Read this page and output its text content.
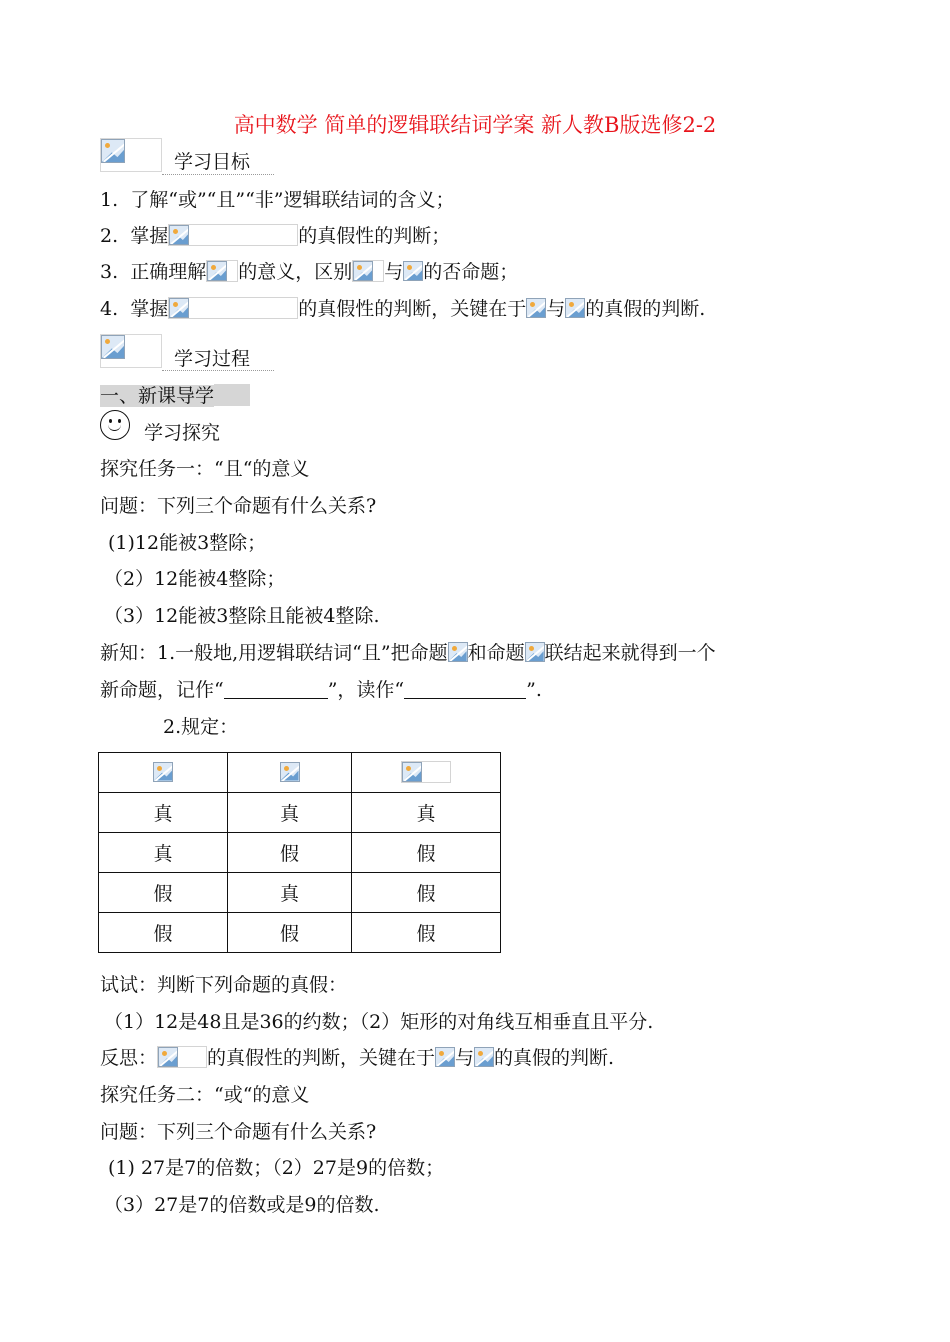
高中数学 简单的逻辑联结词学案 新人教B版选修2-2
学习目标
1. 了解“或”“且”“非”逻辑联结词的含义；
2. 掌握	的真假性的判断；
3. 正确理解 的意义，区别 与 的否命题；
4. 掌握	的真假性的判断，关键在于 与 的真假的判断.
学习过程
一、新课导学
学习探究
探究任务一：“且“的意义
问题：下列三个命题有什么关系?
(1)12能被3整除；
（2）12能被4整除；
（3）12能被3整除且能被4整除.
新知：1.一般地,用逻辑联结词“且”把命题 和命题 联结起来就得到一个
新命题，记作“	”，读作“	”.
2.规定：

真	真	真
真	假	假
假	真	假
假	假	假
试试：判断下列命题的真假：
（1）12是48且是36的约数；（2）矩形的对角线互相垂直且平分.
反思：	的真假性的判断，关键在于 与 的真假的判断.
探究任务二：“或“的意义
问题：下列三个命题有什么关系?
(1) 27是7的倍数；（2）27是9的倍数；
（3）27是7的倍数或是9的倍数.
